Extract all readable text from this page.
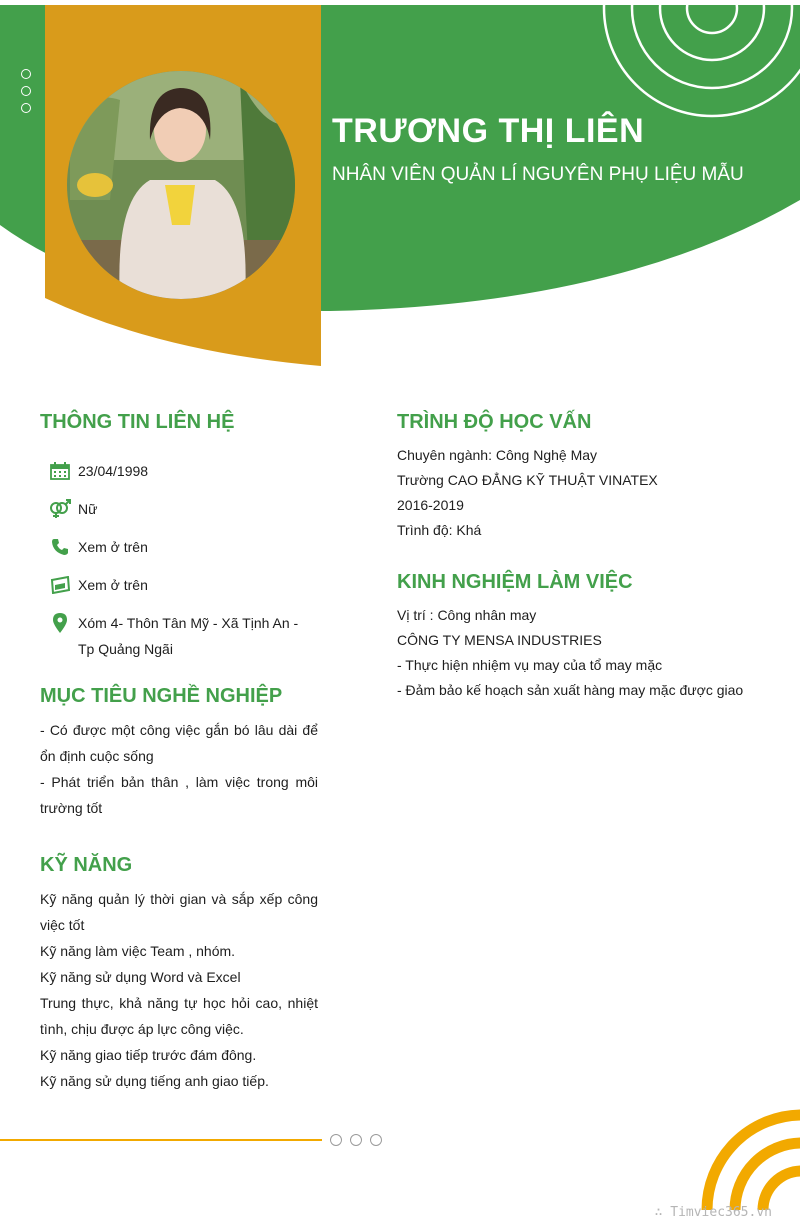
TRƯƠNG THỊ LIÊN
NHÂN VIÊN QUẢN LÍ NGUYÊN PHỤ LIỆU MẪU
THÔNG TIN LIÊN HỆ
23/04/1998
Nữ
Xem ở trên
Xem ở trên
Xóm 4- Thôn Tân Mỹ - Xã Tịnh An - Tp Quảng Ngãi
MỤC TIÊU NGHỀ NGHIỆP
- Có được một công việc gắn bó lâu dài để ổn định cuộc sống
- Phát triển bản thân , làm việc trong môi trường tốt
KỸ NĂNG
Kỹ năng quản lý thời gian và sắp xếp công việc tốt
Kỹ năng làm việc Team , nhóm.
Kỹ năng sử dụng Word và Excel
Trung thực, khả năng tự học hỏi cao, nhiệt tình, chịu được áp lực công việc.
Kỹ năng giao tiếp trước đám đông.
Kỹ năng sử dụng tiếng anh giao tiếp.
TRÌNH ĐỘ HỌC VẤN
Chuyên ngành: Công Nghệ May
Trường CAO ĐẲNG KỸ THUẬT VINATEX
2016-2019
Trình độ: Khá
KINH NGHIỆM LÀM VIỆC
Vị trí : Công nhân may
CÔNG TY MENSA INDUSTRIES
- Thực hiện nhiệm vụ may của tổ may mặc
- Đảm bảo kế hoạch sản xuất hàng may mặc được giao
∴ Timviec365.vn
